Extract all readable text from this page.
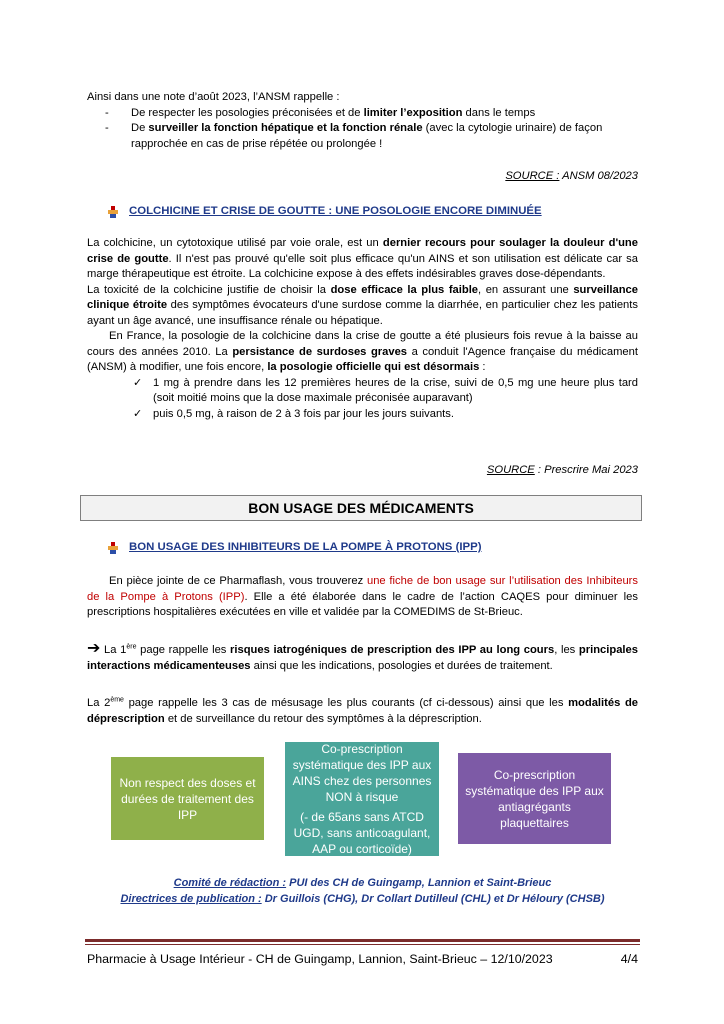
Ainsi dans une note d’août 2023, l’ANSM rappelle :
- De respecter les posologies préconisées et de limiter l’exposition dans le temps
- De surveiller la fonction hépatique et la fonction rénale (avec la cytologie urinaire) de façon rapprochée en cas de prise répétée ou prolongée !
SOURCE : ANSM 08/2023
COLCHICINE ET CRISE DE GOUTTE : UNE POSOLOGIE ENCORE DIMINUÉE
La colchicine, un cytotoxique utilisé par voie orale, est un dernier recours pour soulager la douleur d'une crise de goutte. Il n'est pas prouvé qu'elle soit plus efficace qu'un AINS et son utilisation est délicate car sa marge thérapeutique est étroite. La colchicine expose à des effets indésirables graves dose-dépendants.
La toxicité de la colchicine justifie de choisir la dose efficace la plus faible, en assurant une surveillance clinique étroite des symptômes évocateurs d'une surdose comme la diarrhée, en particulier chez les patients ayant un âge avancé, une insuffisance rénale ou hépatique.
En France, la posologie de la colchicine dans la crise de goutte a été plusieurs fois revue à la baisse au cours des années 2010. La persistance de surdoses graves a conduit l'Agence française du médicament (ANSM) à modifier, une fois encore, la posologie officielle qui est désormais :
✓ 1 mg à prendre dans les 12 premières heures de la crise, suivi de 0,5 mg une heure plus tard (soit moitié moins que la dose maximale préconisée auparavant)
✓ puis 0,5 mg, à raison de 2 à 3 fois par jour les jours suivants.
SOURCE : Prescrire Mai 2023
BON USAGE DES MÉDICAMENTS
BON USAGE DES INHIBITEURS DE LA POMPE À PROTONS (IPP)
En pièce jointe de ce Pharmaflash, vous trouverez une fiche de bon usage sur l’utilisation des Inhibiteurs de la Pompe à Protons (IPP). Elle a été élaborée dans le cadre de l’action CAQES pour diminuer les prescriptions hospitalières exécutées en ville et validée par la COMEDIMS de St-Brieuc.
➔ La 1ère page rappelle les risques iatrogéniques de prescription des IPP au long cours, les principales interactions médicamenteuses ainsi que les indications, posologies et durées de traitement.
La 2ème page rappelle les 3 cas de mésusage les plus courants (cf ci-dessous) ainsi que les modalités de déprescription et de surveillance du retour des symptômes à la déprescription.
Non respect des doses et durées de traitement des IPP
Co-prescription systématique des IPP aux AINS chez des personnes NON à risque
(- de 65ans sans ATCD UGD, sans anticoagulant, AAP ou corticoïde)
Co-prescription systématique des IPP aux antiagrégants plaquettaires
Comité de rédaction : PUI des CH de Guingamp, Lannion et Saint-Brieuc
Directrices de publication : Dr Guillois (CHG), Dr Collart Dutilleul (CHL) et Dr Héloury (CHSB)
Pharmacie à Usage Intérieur - CH de Guingamp, Lannion, Saint-Brieuc – 12/10/2023	4/4
